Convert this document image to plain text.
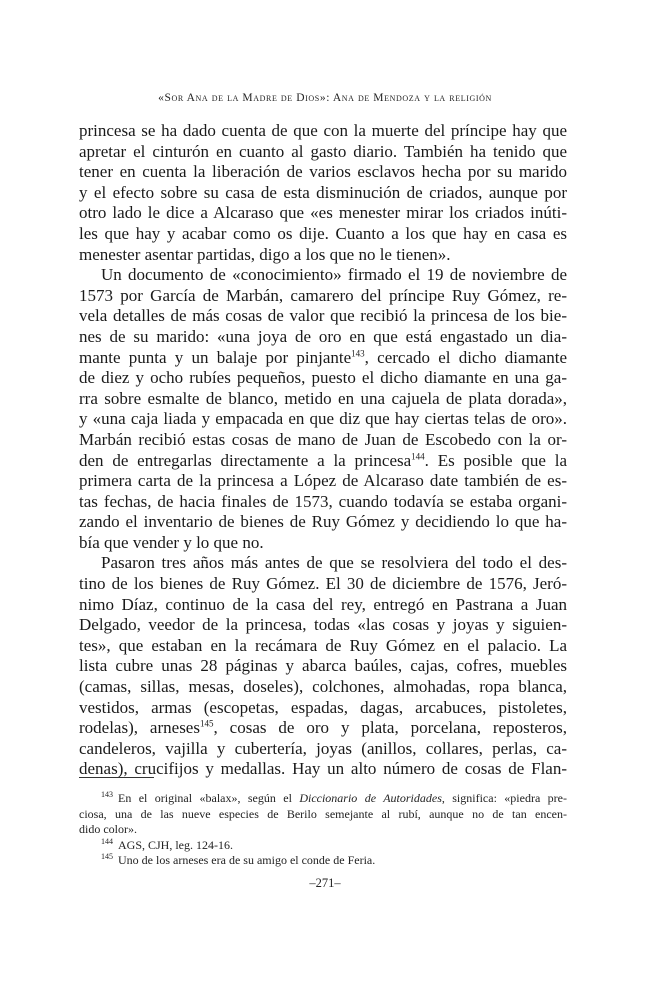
«Sor Ana de la Madre de Dios»: Ana de Mendoza y la religión
princesa se ha dado cuenta de que con la muerte del príncipe hay que
apretar el cinturón en cuanto al gasto diario. También ha tenido que
tener en cuenta la liberación de varios esclavos hecha por su marido
y el efecto sobre su casa de esta disminución de criados, aunque por
otro lado le dice a Alcaraso que «es menester mirar los criados inúti-
les que hay y acabar como os dije. Cuanto a los que hay en casa es
menester asentar partidas, digo a los que no le tienen».
Un documento de «conocimiento» firmado el 19 de noviembre de
1573 por García de Marbán, camarero del príncipe Ruy Gómez, re-
vela detalles de más cosas de valor que recibió la princesa de los bie-
nes de su marido: «una joya de oro en que está engastado un dia-
mante punta y un balaje por pinjante$^{143}$, cercado el dicho diamante
de diez y ocho rubíes pequeños, puesto el dicho diamante en una ga-
rra sobre esmalte de blanco, metido en una cajuela de plata dorada»,
y «una caja liada y empacada en que diz que hay ciertas telas de oro».
Marbán recibió estas cosas de mano de Juan de Escobedo con la or-
den de entregarlas directamente a la princesa$^{144}$. Es posible que la
primera carta de la princesa a López de Alcaraso date también de es-
tas fechas, de hacia finales de 1573, cuando todavía se estaba organi-
zando el inventario de bienes de Ruy Gómez y decidiendo lo que ha-
bía que vender y lo que no.
Pasaron tres años más antes de que se resolviera del todo el des-
tino de los bienes de Ruy Gómez. El 30 de diciembre de 1576, Jeró-
nimo Díaz, continuo de la casa del rey, entregó en Pastrana a Juan
Delgado, veedor de la princesa, todas «las cosas y joyas y siguien-
tes», que estaban en la recámara de Ruy Gómez en el palacio. La
lista cubre unas 28 páginas y abarca baúles, cajas, cofres, muebles
(camas, sillas, mesas, doseles), colchones, almohadas, ropa blanca,
vestidos, armas (escopetas, espadas, dagas, arcabuces, pistoletes,
rodelas), arneses$^{145}$, cosas de oro y plata, porcelana, reposteros,
candeleros, vajilla y cubertería, joyas (anillos, collares, perlas, ca-
denas), crucifijos y medallas. Hay un alto número de cosas de Flan-
$^{143}$ En el original «balax», según el Diccionario de Autoridades, significa: «piedra pre-
ciosa, una de las nueve especies de Berilo semejante al rubí, aunque no de tan encen-
dido color».
$^{144}$ AGS, CJH, leg. 124-16.
$^{145}$ Uno de los arneses era de su amigo el conde de Feria.
–271–
